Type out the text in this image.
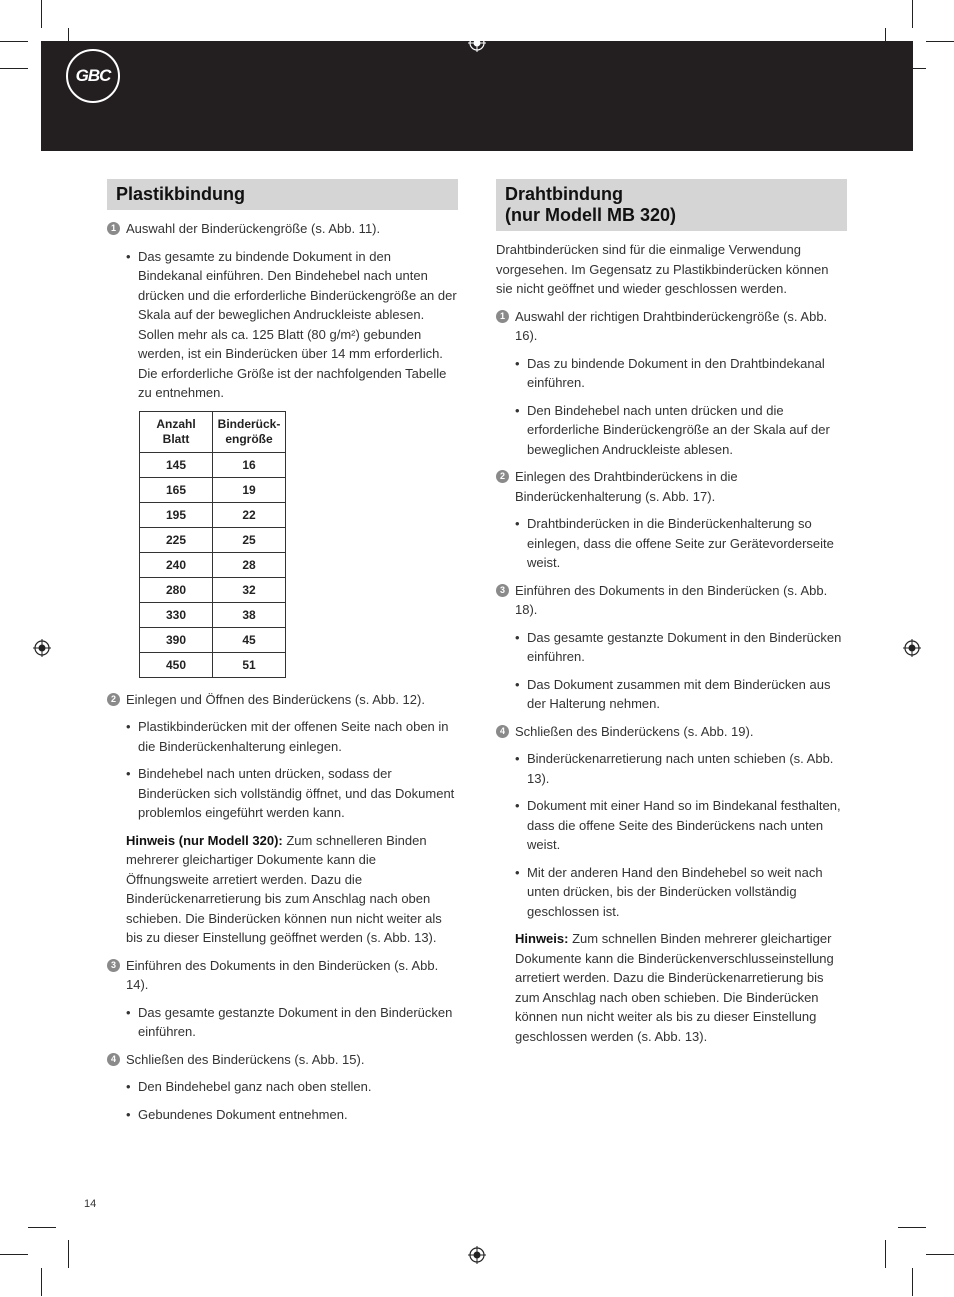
GBC
Plastikbindung

1 Auswahl der Binderückengröße (s. Abb. 11).

• Das gesamte zu bindende Dokument in den Bindekanal einführen. Den Bindehebel nach unten drücken und die erforderliche Binderückengröße an der Skala auf der beweglichen Andruckleiste ablesen. Sollen mehr als ca. 125 Blatt (80 g/m²) gebunden werden, ist ein Binderücken über 14 mm erforderlich. Die erforderliche Größe ist der nachfolgenden Tabelle zu entnehmen.

Anzahl Blatt	Binderück-engröße

145	16
165	19
195	22
225	25
240	28
280	32
330	38
390	45
450	51

2 Einlegen und Öffnen des Binderückens (s. Abb. 12).

• Plastikbinderücken mit der offenen Seite nach oben in die Binderückenhalterung einlegen.

• Bindehebel nach unten drücken, sodass der Binderücken sich vollständig öffnet, und das Dokument problemlos eingeführt werden kann.

Hinweis (nur Modell 320): Zum schnelleren Binden mehrerer gleichartiger Dokumente kann die Öffnungsweite arretiert werden. Dazu die Binderückenarretierung bis zum Anschlag nach oben schieben. Die Binderücken können nun nicht weiter als bis zu dieser Einstellung geöffnet werden (s. Abb. 13).

3 Einführen des Dokuments in den Binderücken (s. Abb. 14).

• Das gesamte gestanzte Dokument in den Binderücken einführen.

4 Schließen des Binderückens (s. Abb. 15).

• Den Bindehebel ganz nach oben stellen.

• Gebundenes Dokument entnehmen.

Drahtbindung
(nur Modell MB 320)

Drahtbinderücken sind für die einmalige Verwendung vorgesehen. Im Gegensatz zu Plastikbinderücken können sie nicht geöffnet und wieder geschlossen werden.

1 Auswahl der richtigen Drahtbinderückengröße (s. Abb. 16).

• Das zu bindende Dokument in den Drahtbindekanal einführen.

• Den Bindehebel nach unten drücken und die erforderliche Binderückengröße an der Skala auf der beweglichen Andruckleiste ablesen.

2 Einlegen des Drahtbinderückens in die Binderückenhalterung (s. Abb. 17).

• Drahtbinderücken in die Binderückenhalterung so einlegen, dass die offene Seite zur Gerätevorderseite weist.

3 Einführen des Dokuments in den Binderücken (s. Abb. 18).

• Das gesamte gestanzte Dokument in den Binderücken einführen.

• Das Dokument zusammen mit dem Binderücken aus der Halterung nehmen.

4 Schließen des Binderückens (s. Abb. 19).

• Binderückenarretierung nach unten schieben (s. Abb. 13).

• Dokument mit einer Hand so im Bindekanal festhalten, dass die offene Seite des Binderückens nach unten weist.

• Mit der anderen Hand den Bindehebel so weit nach unten drücken, bis der Binderücken vollständig geschlossen ist.

Hinweis: Zum schnellen Binden mehrerer gleichartiger Dokumente kann die Binderückenverschlusseinstellung arretiert werden. Dazu die Binderückenarretierung bis zum Anschlag nach oben schieben. Die Binderücken können nun nicht weiter als bis zu dieser Einstellung geschlossen werden (s. Abb. 13).

14
